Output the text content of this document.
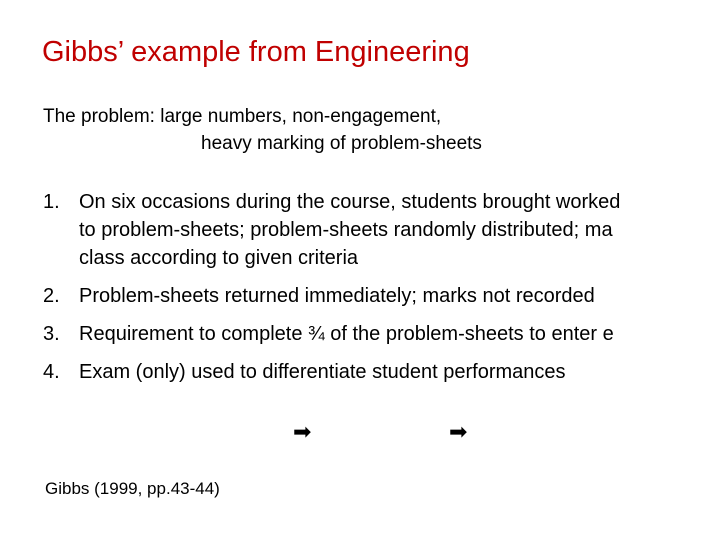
Gibbs’ example from Engineering
The problem: large numbers, non-engagement,
heavy marking of problem-sheets
1. On six occasions during the course, students brought worked
to problem-sheets; problem-sheets randomly distributed; ma
class according to given criteria
2. Problem-sheets returned immediately; marks not recorded
3. Requirement to complete ¾ of the problem-sheets to enter e
4. Exam (only) used to differentiate student performances
➡	➡
Gibbs (1999, pp.43-44)
